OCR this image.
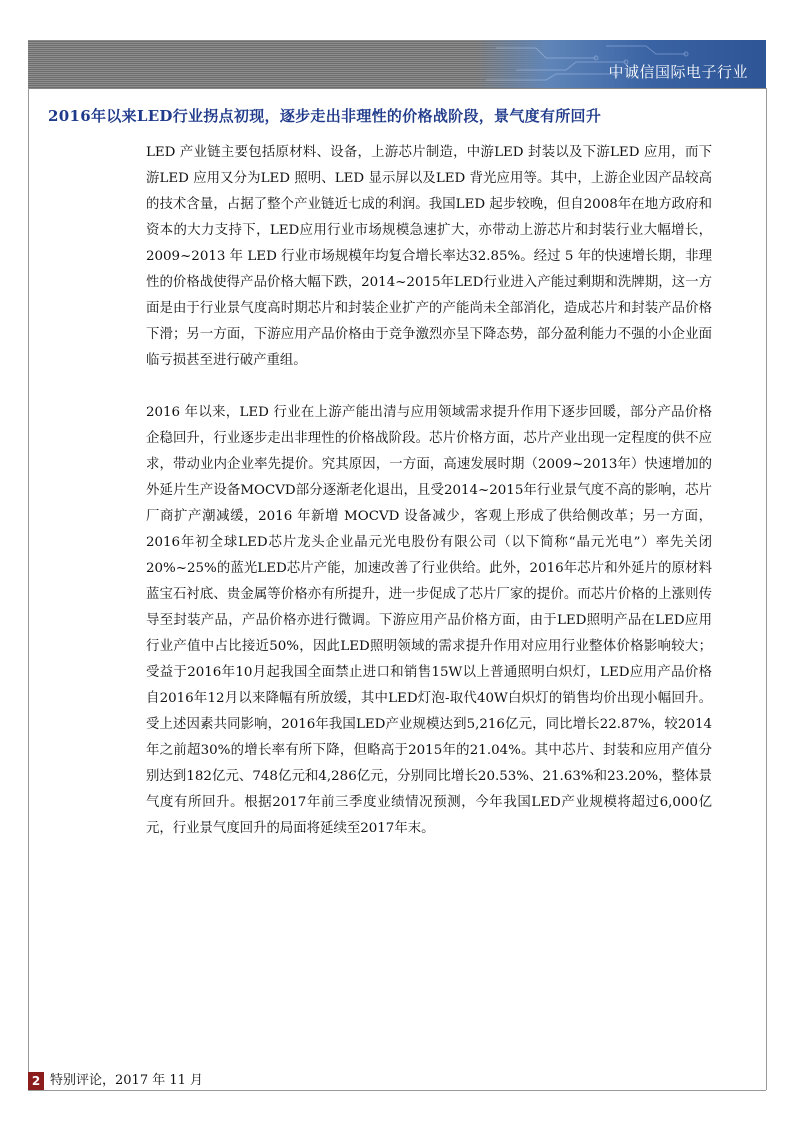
中诚信国际电子行业
2016年以来LED行业拐点初现，逐步走出非理性的价格战阶段，景气度有所回升

LED 产业链主要包括原材料、设备，上游芯片制造，中游LED 封装以及下游LED 应用，而下游LED 应用又分为LED 照明、LED 显示屏以及LED 背光应用等。其中，上游企业因产品较高的技术含量，占据了整个产业链近七成的利润。我国LED 起步较晚，但自2008年在地方政府和资本的大力支持下，LED应用行业市场规模急速扩大，亦带动上游芯片和封装行业大幅增长，2009~2013 年 LED 行业市场规模年均复合增长率达32.85%。经过 5 年的快速增长期，非理性的价格战使得产品价格大幅下跌，2014~2015年LED行业进入产能过剩期和洗牌期，这一方面是由于行业景气度高时期芯片和封装企业扩产的产能尚未全部消化，造成芯片和封装产品价格下滑；另一方面，下游应用产品价格由于竞争激烈亦呈下降态势，部分盈利能力不强的小企业面临亏损甚至进行破产重组。

2016 年以来，LED 行业在上游产能出清与应用领域需求提升作用下逐步回暖，部分产品价格企稳回升，行业逐步走出非理性的价格战阶段。芯片价格方面，芯片产业出现一定程度的供不应求，带动业内企业率先提价。究其原因，一方面，高速发展时期（2009~2013年）快速增加的外延片生产设备MOCVD部分逐渐老化退出，且受2014~2015年行业景气度不高的影响，芯片厂商扩产潮减缓，2016 年新增 MOCVD 设备减少，客观上形成了供给侧改革；另一方面，2016年初全球LED芯片龙头企业晶元光电股份有限公司（以下简称“晶元光电”）率先关闭20%~25%的蓝光LED芯片产能，加速改善了行业供给。此外，2016年芯片和外延片的原材料蓝宝石衬底、贵金属等价格亦有所提升，进一步促成了芯片厂家的提价。而芯片价格的上涨则传导至封装产品，产品价格亦进行微调。下游应用产品价格方面，由于LED照明产品在LED应用行业产值中占比接近50%，因此LED照明领域的需求提升作用对应用行业整体价格影响较大；受益于2016年10月起我国全面禁止进口和销售15W以上普通照明白炽灯，LED应用产品价格自2016年12月以来降幅有所放缓，其中LED灯泡-取代40W白炽灯的销售均价出现小幅回升。受上述因素共同影响，2016年我国LED产业规模达到5,216亿元，同比增长22.87%，较2014年之前超30%的增长率有所下降，但略高于2015年的21.04%。其中芯片、封装和应用产值分别达到182亿元、748亿元和4,286亿元，分别同比增长20.53%、21.63%和23.20%，整体景气度有所回升。根据2017年前三季度业绩情况预测，今年我国LED产业规模将超过6,000亿元，行业景气度回升的局面将延续至2017年末。

2 特别评论，2017 年 11 月
